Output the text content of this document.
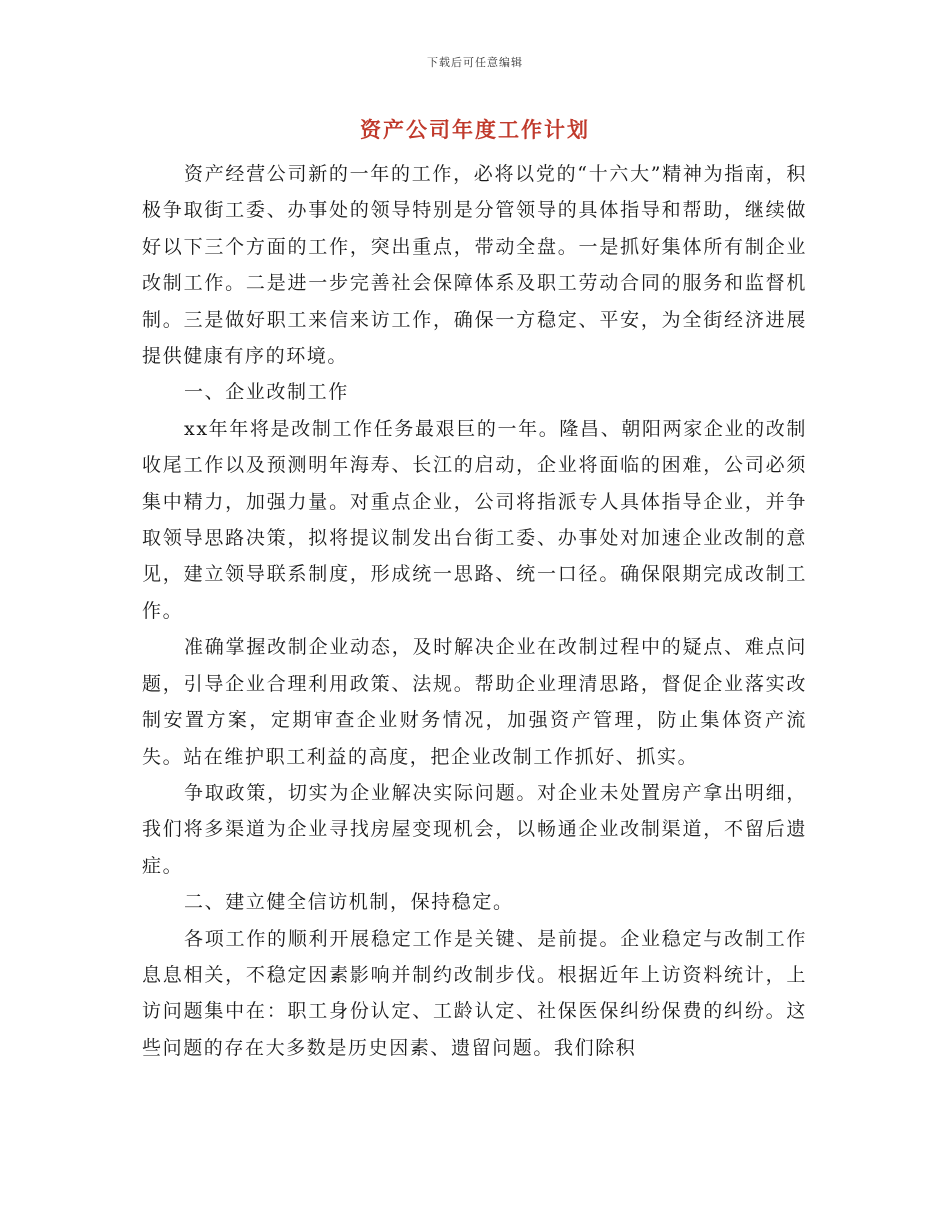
下载后可任意编辑
资产公司年度工作计划

资产经营公司新的一年的工作，必将以党的“十六大”精神为指南，积极争取街工委、办事处的领导特别是分管领导的具体指导和帮助，继续做好以下三个方面的工作，突出重点，带动全盘。一是抓好集体所有制企业改制工作。二是进一步完善社会保障体系及职工劳动合同的服务和监督机制。三是做好职工来信来访工作，确保一方稳定、平安，为全街经济进展提供健康有序的环境。

一、企业改制工作

xx年年将是改制工作任务最艰巨的一年。隆昌、朝阳两家企业的改制收尾工作以及预测明年海寿、长江的启动，企业将面临的困难，公司必须集中精力，加强力量。对重点企业，公司将指派专人具体指导企业，并争取领导思路决策，拟将提议制发出台街工委、办事处对加速企业改制的意见，建立领导联系制度，形成统一思路、统一口径。确保限期完成改制工作。

准确掌握改制企业动态，及时解决企业在改制过程中的疑点、难点问题，引导企业合理利用政策、法规。帮助企业理清思路，督促企业落实改制安置方案，定期审查企业财务情况，加强资产管理，防止集体资产流失。站在维护职工利益的高度，把企业改制工作抓好、抓实。

争取政策，切实为企业解决实际问题。对企业未处置房产拿出明细，我们将多渠道为企业寻找房屋变现机会，以畅通企业改制渠道，不留后遗症。

二、建立健全信访机制，保持稳定。

各项工作的顺利开展稳定工作是关键、是前提。企业稳定与改制工作息息相关，不稳定因素影响并制约改制步伐。根据近年上访资料统计，上访问题集中在：职工身份认定、工龄认定、社保医保纠纷保费的纠纷。这些问题的存在大多数是历史因素、遗留问题。我们除积
